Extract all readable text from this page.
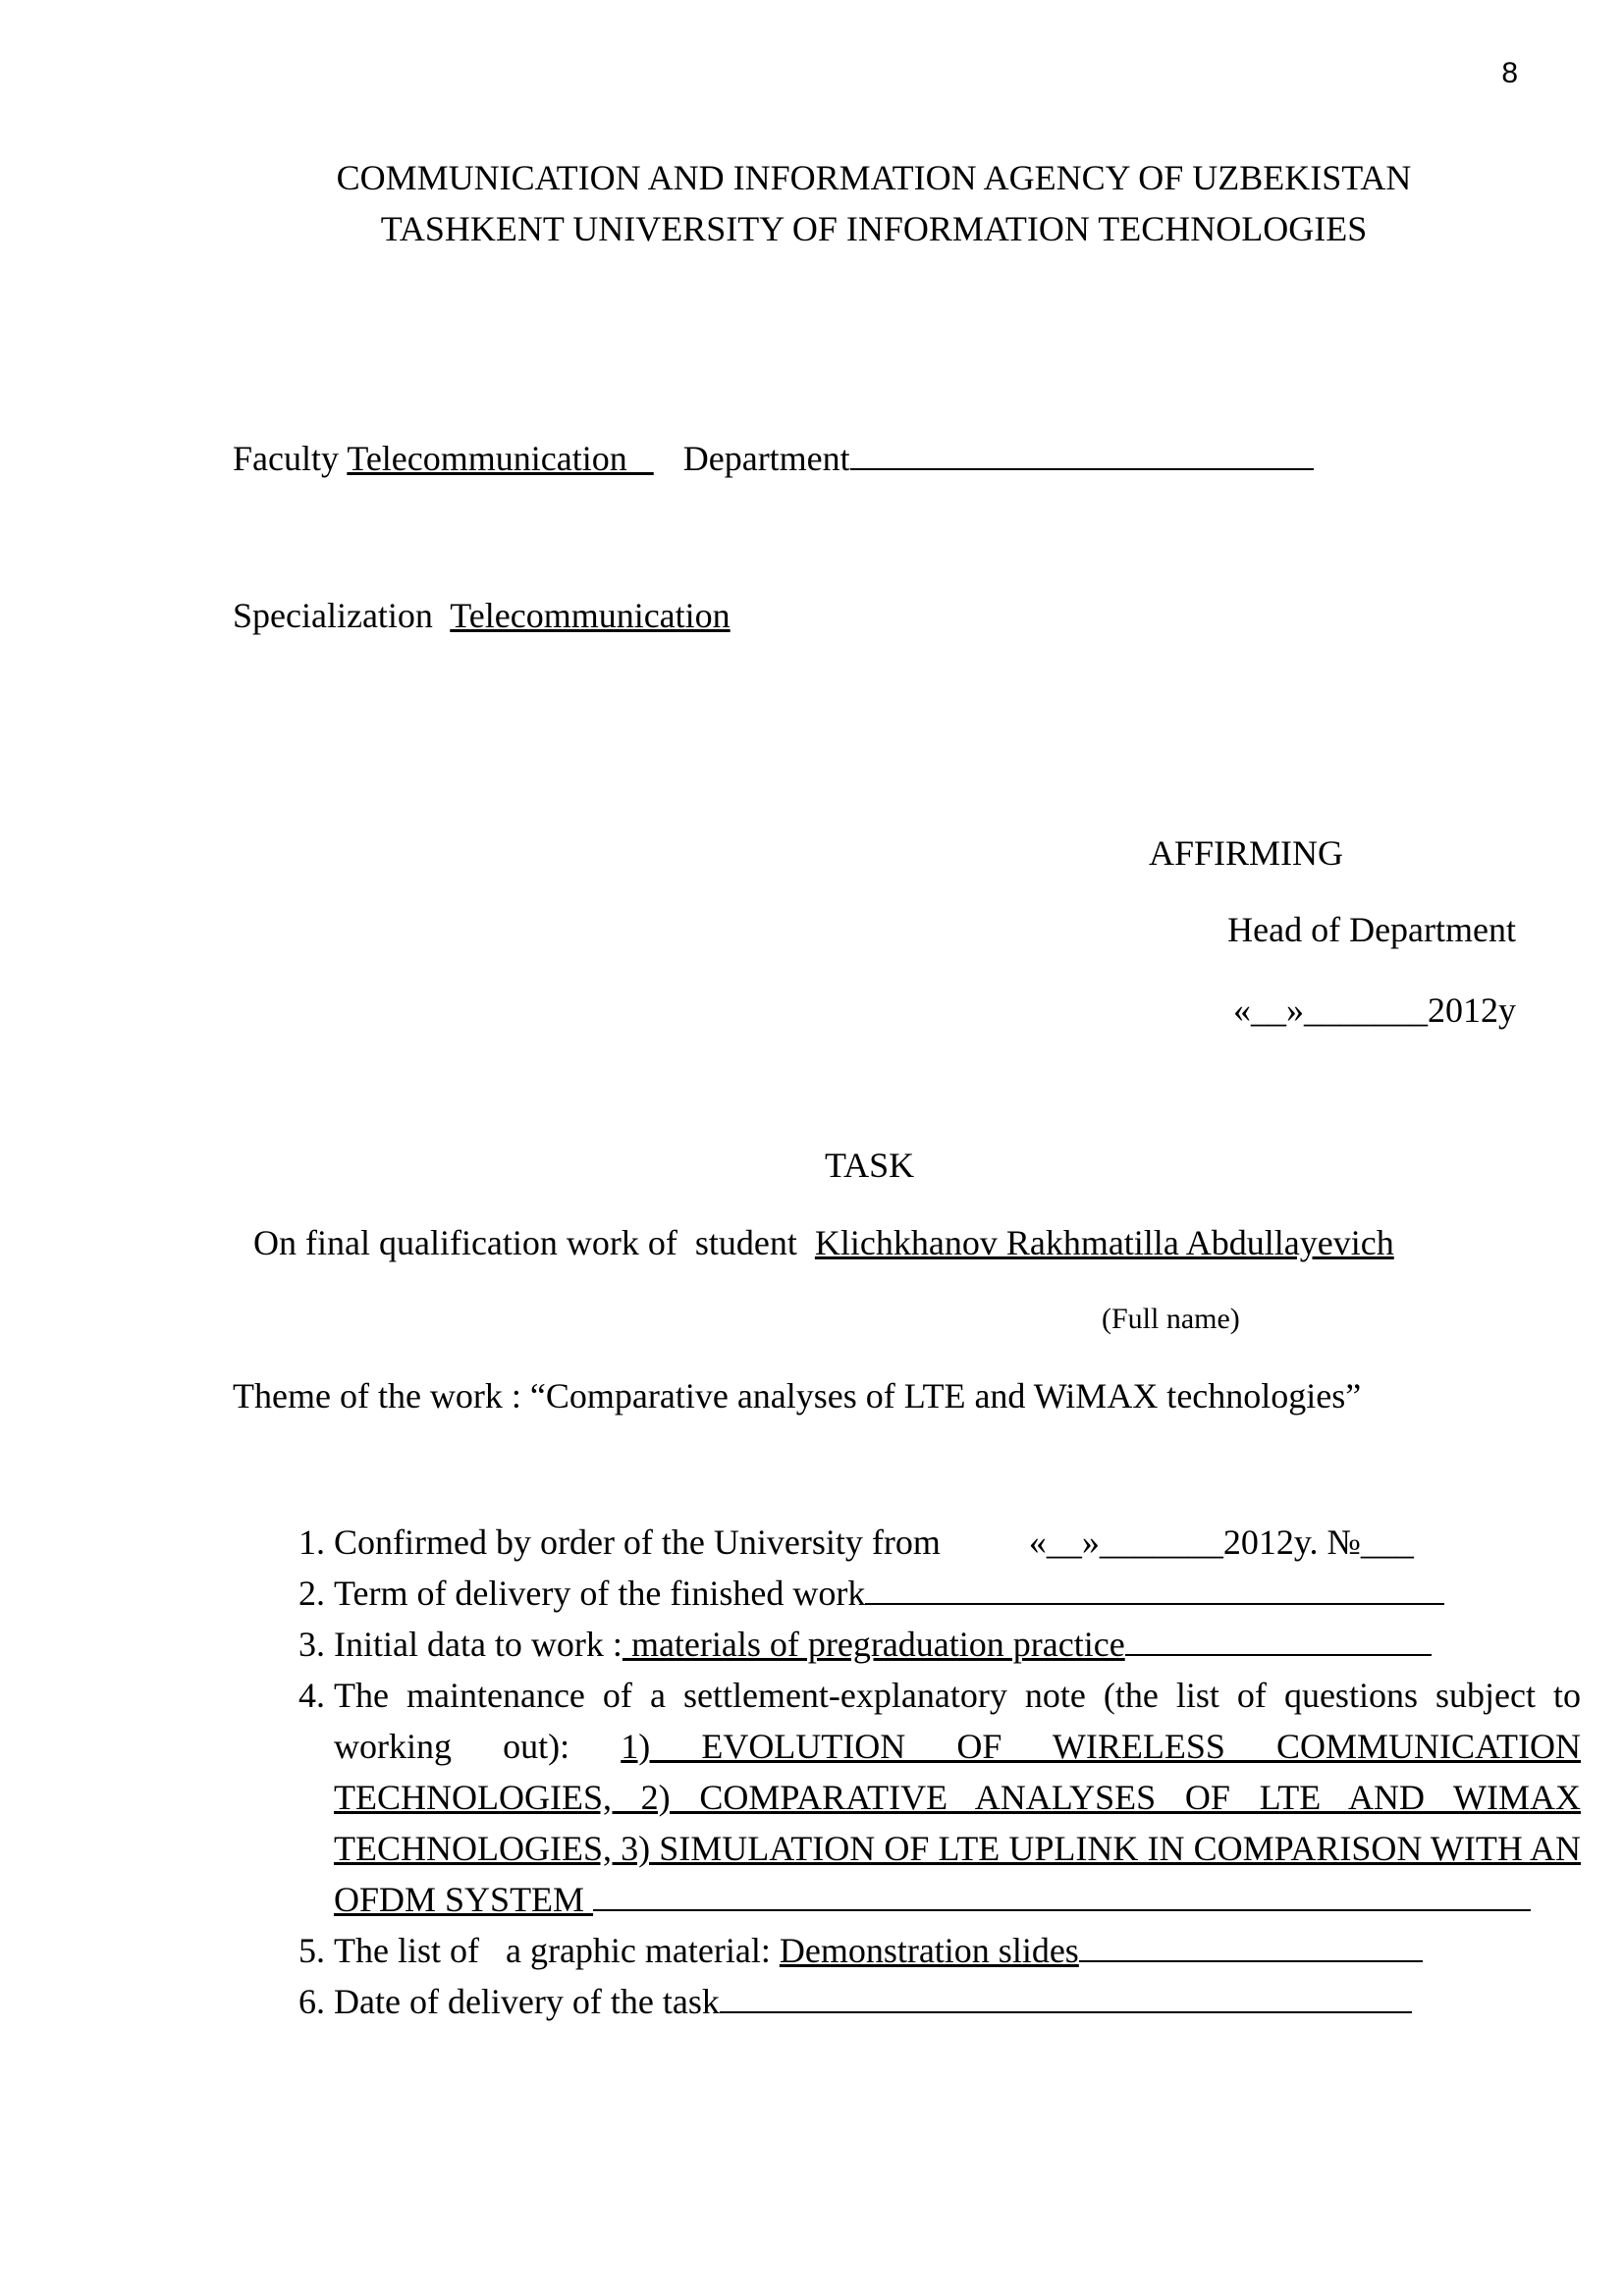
8
COMMUNICATION AND INFORMATION AGENCY OF UZBEKISTAN
TASHKENT UNIVERSITY OF INFORMATION TECHNOLOGIES
Faculty Telecommunication   Department
Specialization  Telecommunication
AFFIRMING
Head of Department
«__»_______2012y
TASK
On final qualification work of  student  Klichkhanov Rakhmatilla Abdullayevich
(Full name)
Theme of the work : “Comparative analyses of LTE and WiMAX technologies”
1. Confirmed by order of the University from	«__»_______2012y. №___
2. Term of delivery of the finished work
3. Initial data to work : materials of pregraduation practice
4. The maintenance of a settlement-explanatory note (the list of questions subject to working out): 1) EVOLUTION OF WIRELESS COMMUNICATION TECHNOLOGIES, 2) COMPARATIVE ANALYSES OF LTE AND WIMAX TECHNOLOGIES, 3) SIMULATION OF LTE UPLINK IN COMPARISON WITH AN OFDM SYSTEM
5. The list of   a graphic material: Demonstration slides
6. Date of delivery of the task
